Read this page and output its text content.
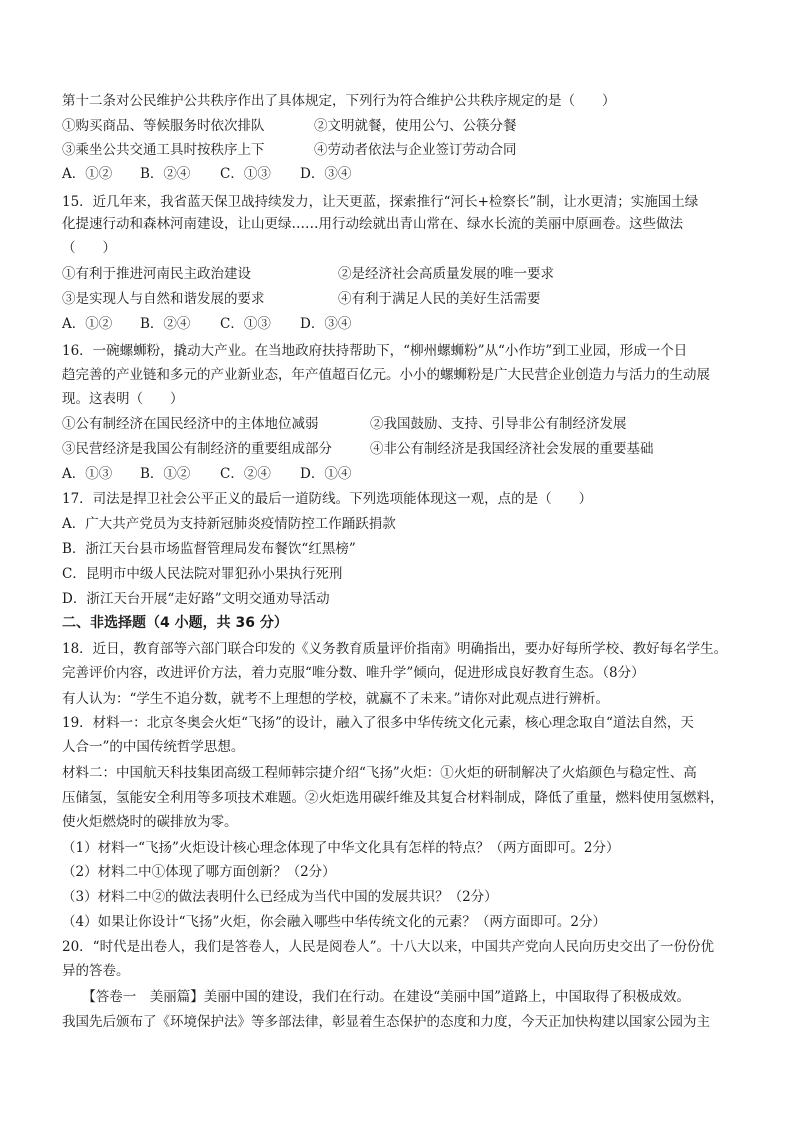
第十二条对公民维护公共秩序作出了具体规定，下列行为符合维护公共秩序规定的是（　　）
①购买商品、等候服务时依次排队	②文明就餐，使用公勺、公筷分餐
③乘坐公共交通工具时按秩序上下	④劳动者依法与企业签订劳动合同
A．①② B．②④ C．①③ D．③④
15．近几年来，我省蓝天保卫战持续发力，让天更蓝，探索推行“河长+检察长”制，让水更清；实施国土绿
化提速行动和森林河南建设，让山更绿……用行动绘就出青山常在、绿水长流的美丽中原画卷。这些做法
（　　）
①有利于推进河南民主政治建设	②是经济社会高质量发展的唯一要求
③是实现人与自然和谐发展的要求	④有利于满足人民的美好生活需要
A．①② B．②④ C．①③ D．③④
16．一碗螺蛳粉，撬动大产业。在当地政府扶持帮助下，“柳州螺蛳粉”从“小作坊”到工业园，形成一个日
趋完善的产业链和多元的产业新业态，年产值超百亿元。小小的螺蛳粉是广大民营企业创造力与活力的生动展
现。这表明（　　）
①公有制经济在国民经济中的主体地位减弱	②我国鼓励、支持、引导非公有制经济发展
③民营经济是我国公有制经济的重要组成部分	④非公有制经济是我国经济社会发展的重要基础
A．①③ B．①② C．②④ D．①④
17．司法是捍卫社会公平正义的最后一道防线。下列选项能体现这一观，点的是（　　）
A．广大共产党员为支持新冠肺炎疫情防控工作踊跃捐款
B．浙江天台县市场监督管理局发布餐饮“红黑榜”
C．昆明市中级人民法院对罪犯孙小果执行死刑
D．浙江天台开展“走好路”文明交通劝导活动
二、非选择题（4 小题，共 36 分）
18．近日，教育部等六部门联合印发的《义务教育质量评价指南》明确指出，要办好每所学校、教好每名学生。
完善评价内容，改进评价方法，着力克服“唯分数、唯升学”倾向，促进形成良好教育生态。（8分）
有人认为：“学生不追分数，就考不上理想的学校，就赢不了未来。”请你对此观点进行辨析。
19．材料一：北京冬奥会火炬“飞扬”的设计，融入了很多中华传统文化元素，核心理念取自“道法自然，天
人合一”的中国传统哲学思想。
材料二：中国航天科技集团高级工程师韩宗捷介绍“飞扬”火炬：①火炬的研制解决了火焰颜色与稳定性、高
压储氢，氢能安全利用等多项技术难题。②火炬选用碳纤维及其复合材料制成，降低了重量，燃料使用氢燃料，
使火炬燃烧时的碳排放为零。
（1）材料一“飞扬”火炬设计核心理念体现了中华文化具有怎样的特点？（两方面即可。2分）
（2）材料二中①体现了哪方面创新？（2分）
（3）材料二中②的做法表明什么已经成为当代中国的发展共识？（2分）
（4）如果让你设计“飞扬”火炬，你会融入哪些中华传统文化的元素？（两方面即可。2分）
20．“时代是出卷人，我们是答卷人，人民是阅卷人”。十八大以来，中国共产党向人民向历史交出了一份份优
异的答卷。
　　【答卷一　美丽篇】美丽中国的建设，我们在行动。在建设“美丽中国”道路上，中国取得了积极成效。
我国先后颁布了《环境保护法》等多部法律，彰显着生态保护的态度和力度，今天正加快构建以国家公园为主
